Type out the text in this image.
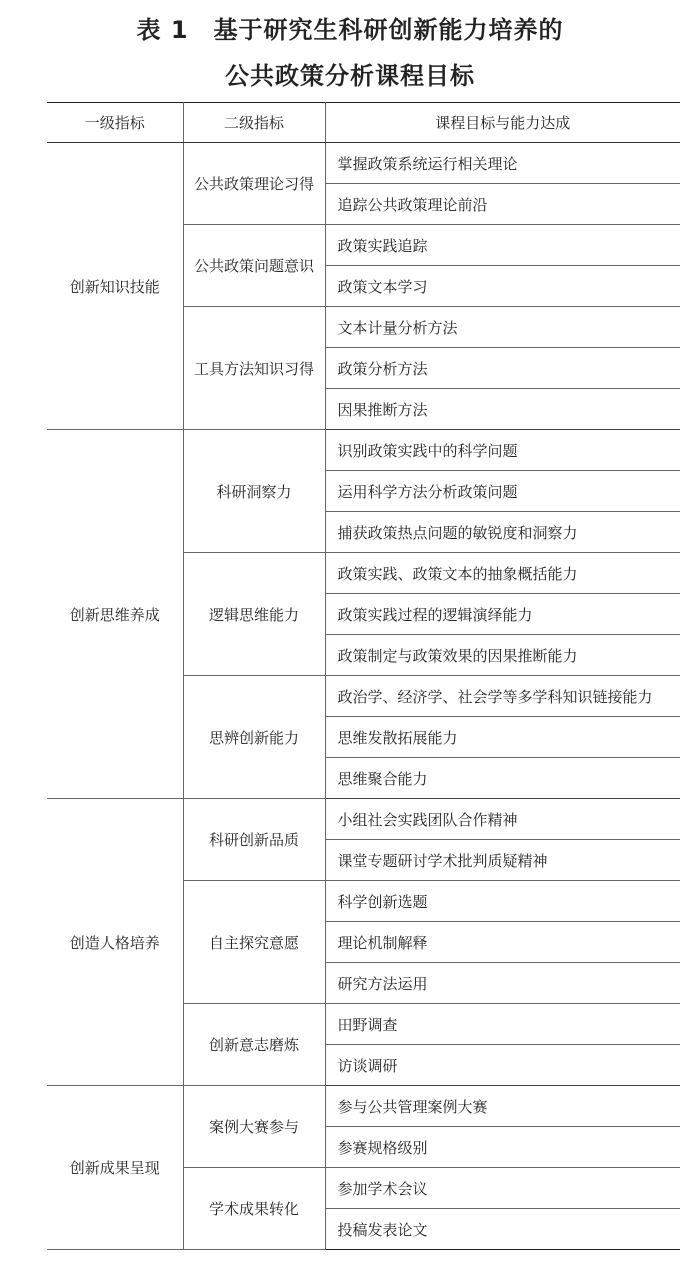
表 1　基于研究生科研创新能力培养的
公共政策分析课程目标
一级指标	二级指标	课程目标与能力达成
创新知识技能	公共政策理论习得	掌握政策系统运行相关理论
		追踪公共政策理论前沿
	公共政策问题意识	政策实践追踪
		政策文本学习
	工具方法知识习得	文本计量分析方法
		政策分析方法
		因果推断方法
创新思维养成	科研洞察力	识别政策实践中的科学问题
		运用科学方法分析政策问题
		捕获政策热点问题的敏锐度和洞察力
	逻辑思维能力	政策实践、政策文本的抽象概括能力
		政策实践过程的逻辑演绎能力
		政策制定与政策效果的因果推断能力
	思辨创新能力	政治学、经济学、社会学等多学科知识链接能力
		思维发散拓展能力
		思维聚合能力
创造人格培养	科研创新品质	小组社会实践团队合作精神
		课堂专题研讨学术批判质疑精神
	自主探究意愿	科学创新选题
		理论机制解释
		研究方法运用
	创新意志磨炼	田野调查
		访谈调研
创新成果呈现	案例大赛参与	参与公共管理案例大赛
		参赛规格级别
	学术成果转化	参加学术会议
		投稿发表论文
